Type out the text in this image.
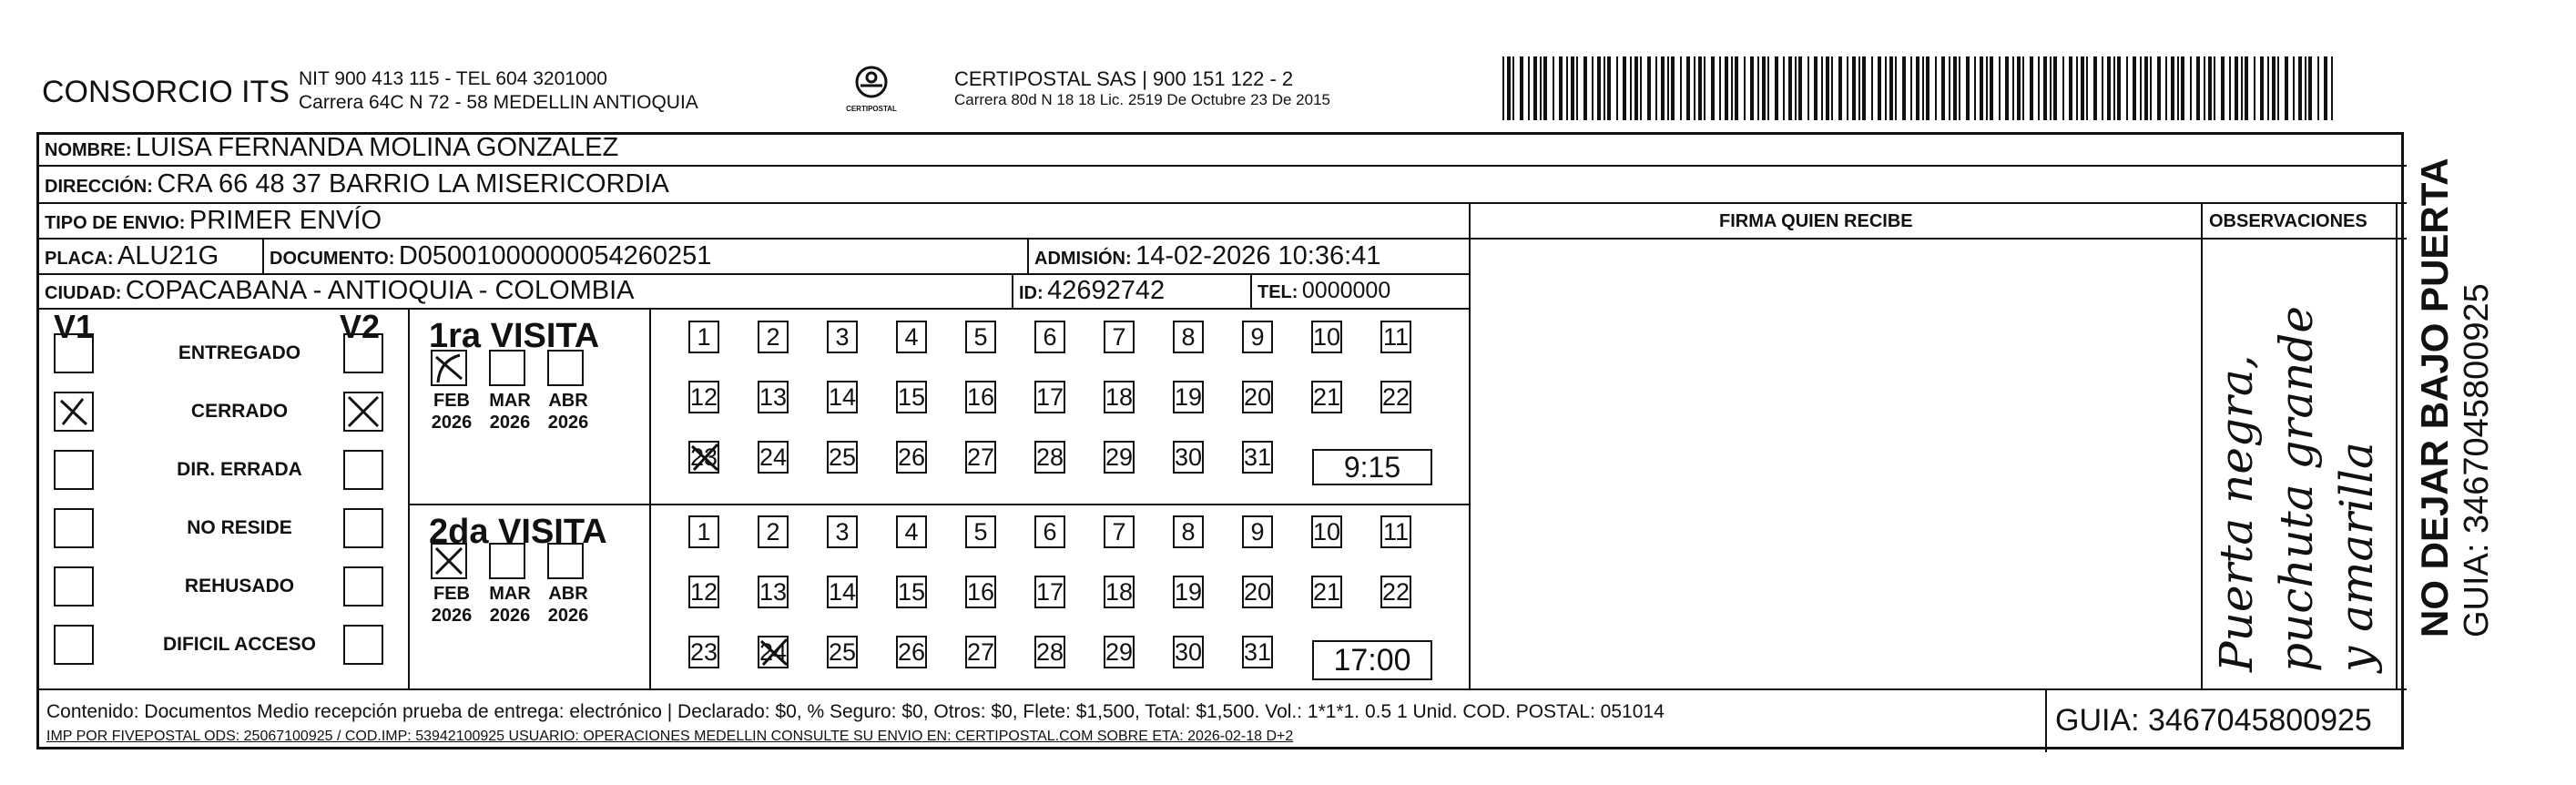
CONSORCIO ITS NIT 900 413 115 - TEL 604 3201000
Carrera 64C N 72 - 58 MEDELLIN ANTIOQUIA	CERTIPOSTAL
CERTIPOSTAL SAS | 900 151 122 - 2
Carrera 80d N 18 18 Lic. 2519 De Octubre 23 De 2015
NOMBRE: LUISA FERNANDA MOLINA GONZALEZ
DIRECCIÓN: CRA 66 48 37 BARRIO LA MISERICORDIA
TIPO DE ENVIO: PRIMER ENVÍO	FIRMA QUIEN RECIBE	OBSERVACIONES
PLACA: ALU21G	DOCUMENTO: D05001000000054260251	ADMISIÓN: 14-02-2026 10:36:41
CIUDAD: COPACABANA - ANTIOQUIA - COLOMBIA	ID: 42692742	TEL: 0000000
V1	V2
ENTREGADO
CERRADO
DIR. ERRADA
NO RESIDE
REHUSADO
DIFICIL ACCESO
1ra VISITA
FEB
2026
MAR
2026
ABR
2026
1	2	3	4	5	6	7	8	9	10 11
12 13 14 15 16 17 18 19 20 21 22
23 24 25 26 27 28 29 30 31
2da VISITA
FEB
2026
MAR
2026
ABR
2026
1	2	3	4	5	6	7	8	9	10 11
12 13 14 15 16 17 18 19 20 21 22
23 24 25 26 27 28 29 30 31
9:15
17:00	Puerta negra, puchuta grande y amarilla
Contenido: Documentos Medio recepción prueba de entrega: electrónico | Declarado: $0, % Seguro: $0, Otros: $0, Flete: $1,500, Total: $1,500. Vol.: 1*1*1. 0.5 1 Unid. COD. POSTAL: 051014
IMP POR FIVEPOSTAL ODS: 25067100925 / COD.IMP: 53942100925 USUARIO: OPERACIONES MEDELLIN CONSULTE SU ENVIO EN: CERTIPOSTAL.COM SOBRE ETA: 2026-02-18 D+2	GUIA: 3467045800925
NO DEJAR BAJO PUERTA GUIA: 3467045800925
